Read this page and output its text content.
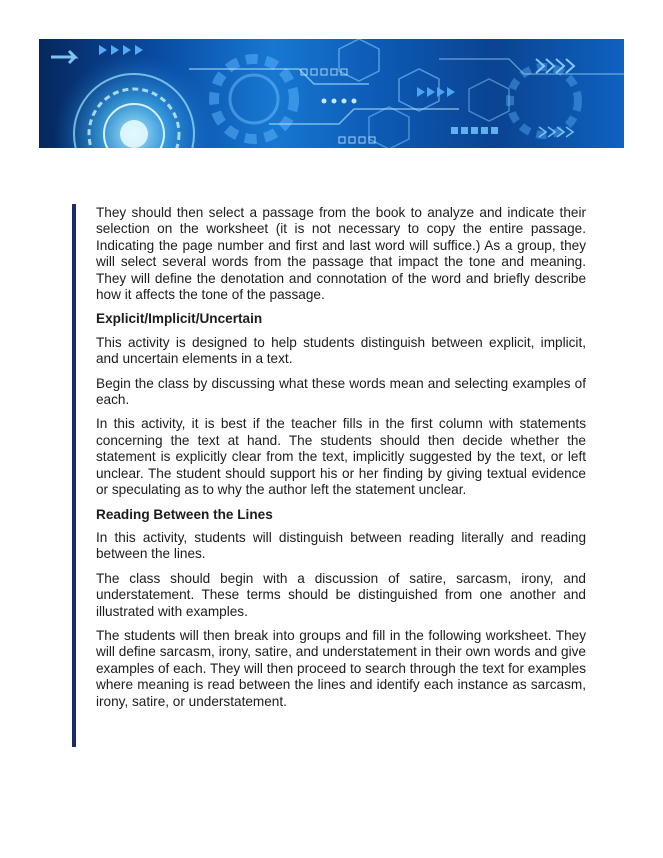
They should then select a passage from the book to analyze and indicate their selection on the worksheet (it is not necessary to copy the entire passage. Indicating the page number and first and last word will suffice.) As a group, they will select several words from the passage that impact the tone and meaning. They will define the denotation and connotation of the word and briefly describe how it affects the tone of the passage.

Explicit/Implicit/Uncertain

This activity is designed to help students distinguish between explicit, implicit, and uncertain elements in a text.

Begin the class by discussing what these words mean and selecting examples of each.

In this activity, it is best if the teacher fills in the first column with statements concerning the text at hand. The students should then decide whether the statement is explicitly clear from the text, implicitly suggested by the text, or left unclear. The student should support his or her finding by giving textual evidence or speculating as to why the author left the statement unclear.

Reading Between the Lines

In this activity, students will distinguish between reading literally and reading between the lines.

The class should begin with a discussion of satire, sarcasm, irony, and understatement. These terms should be distinguished from one another and illustrated with examples.

The students will then break into groups and fill in the following worksheet. They will define sarcasm, irony, satire, and understatement in their own words and give examples of each. They will then proceed to search through the text for examples where meaning is read between the lines and identify each instance as sarcasm, irony, satire, or understatement.
